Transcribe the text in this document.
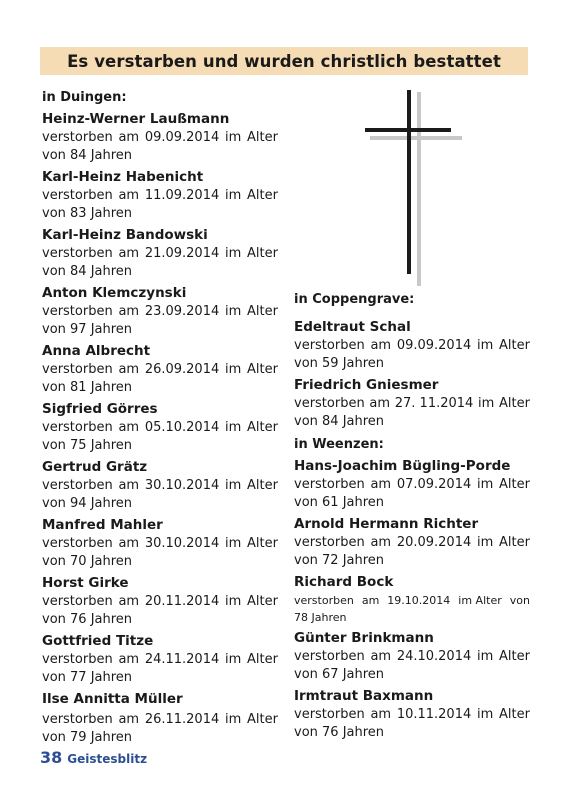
Es verstarben und wurden christlich bestattet
in Duingen:
Heinz-Werner Laußmann
verstorben am 09.09.2014 im Alter
von 84 Jahren
Karl-Heinz Habenicht
verstorben am 11.09.2014 im Alter
von 83 Jahren
Karl-Heinz Bandowski
verstorben am 21.09.2014 im Alter
von 84 Jahren
Anton Klemczynski
verstorben am 23.09.2014 im Alter
von 97 Jahren
Anna Albrecht
verstorben am 26.09.2014 im Alter
von 81 Jahren
Sigfried Görres
verstorben am 05.10.2014 im Alter
von 75 Jahren
Gertrud Grätz
verstorben am 30.10.2014 im Alter
von 94 Jahren
Manfred Mahler
verstorben am 30.10.2014 im Alter
von 70 Jahren
Horst Girke
verstorben am 20.11.2014 im Alter
von 76 Jahren
Gottfried Titze
verstorben am 24.11.2014 im Alter
von 77 Jahren
Ilse Annitta Müller
verstorben am 26.11.2014 im Alter
von 79 Jahren
in Coppengrave:
Edeltraut Schal
verstorben am 09.09.2014 im Alter
von 59 Jahren
Friedrich Gniesmer
verstorben am 27. 11.2014 im Alter
von 84 Jahren
in Weenzen:
Hans-Joachim Bügling-Porde
verstorben am 07.09.2014 im Alter
von 61 Jahren
Arnold Hermann Richter
verstorben am 20.09.2014 im Alter
von 72 Jahren
Richard Bock
verstorben am 19.10.2014 im Alter von
78 Jahren
Günter Brinkmann
verstorben am 24.10.2014 im Alter
von 67 Jahren
Irmtraut Baxmann
verstorben am 10.11.2014 im Alter
von 76 Jahren
38 Geistesblitz
